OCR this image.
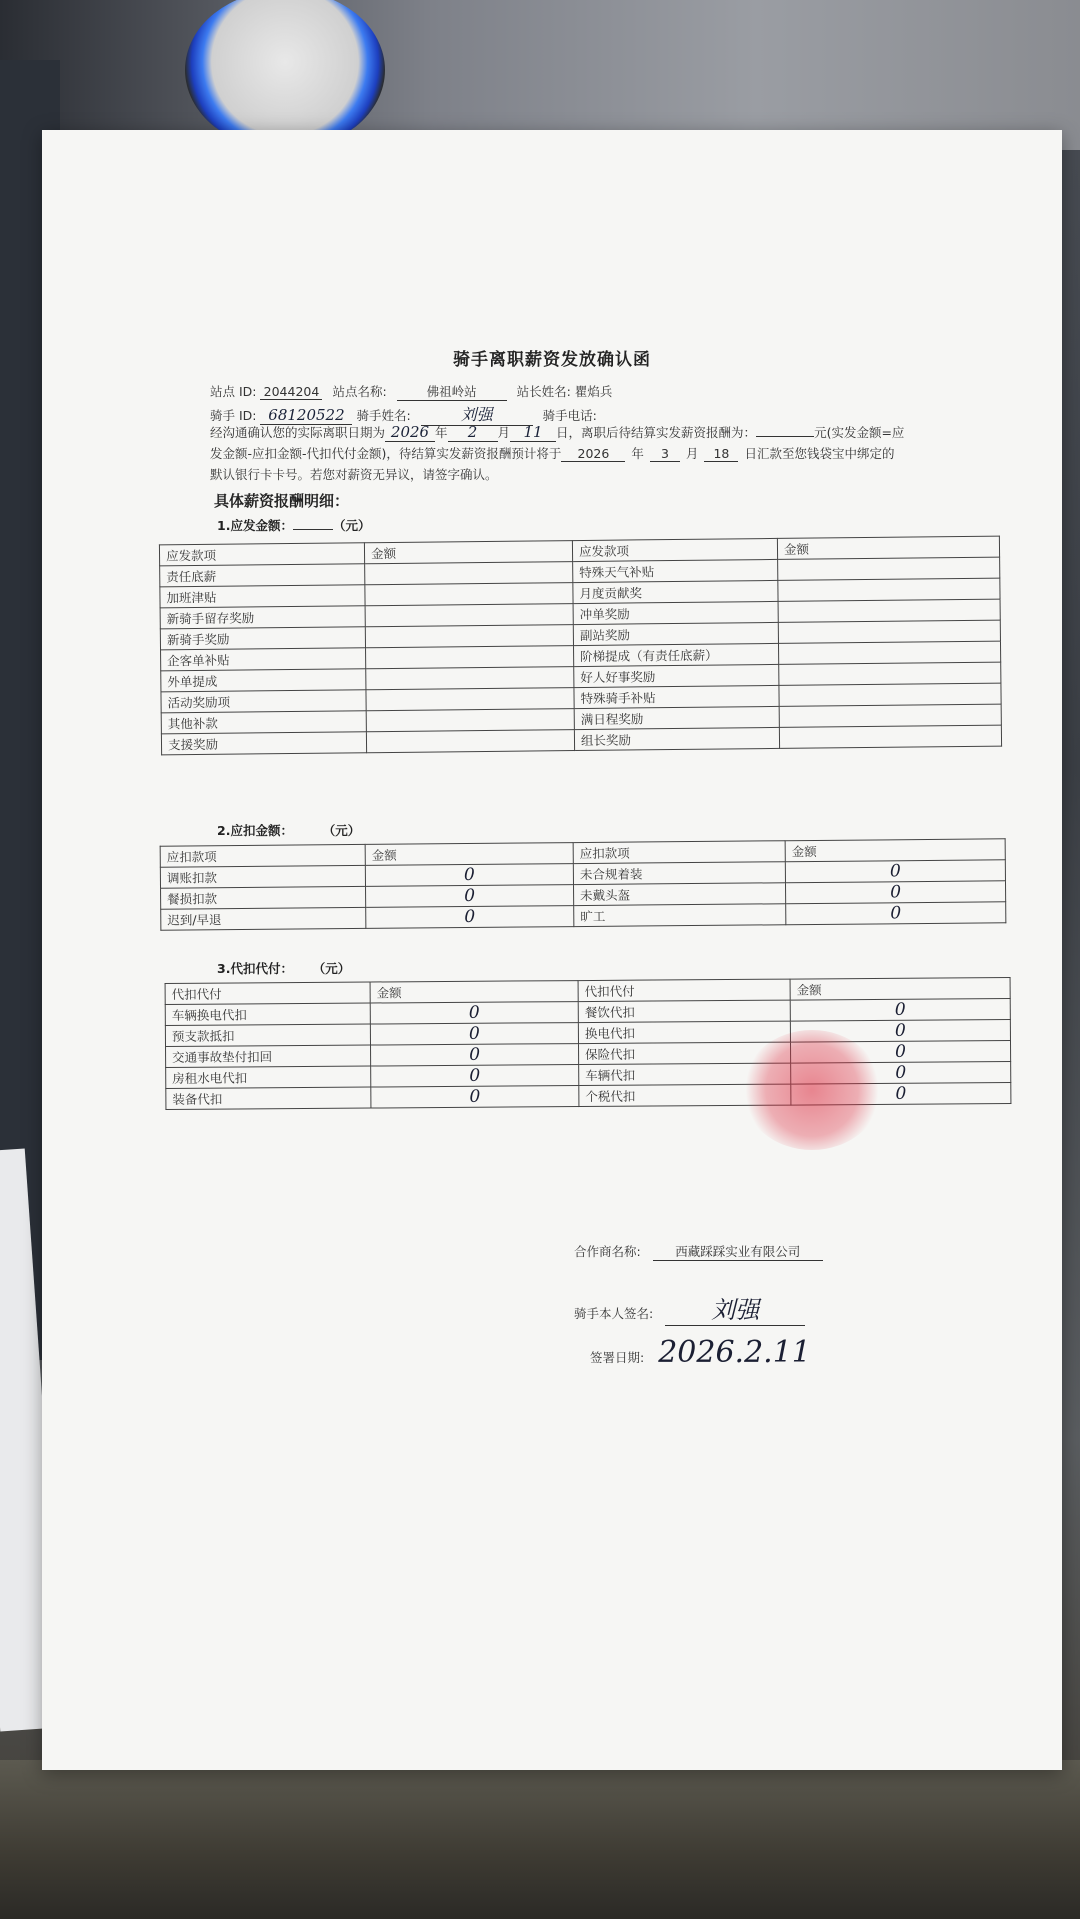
骑手离职薪资发放确认函
站点 ID: 2044204 站点名称:	佛祖岭站	站长姓名: 瞿焰兵
骑手 ID: 68120522 骑手姓名:	刘强	骑手电话:
经沟通确认您的实际离职日期为 2026 年 2 月 11 日，离职后待结算实发薪资报酬为：	元(实发金额=应
发金额-应扣金额-代扣代付金额)，待结算实发薪资报酬预计将于 2026 年 3 月 18 日汇款至您钱袋宝中绑定的
默认银行卡卡号。若您对薪资无异议，请签字确认。
具体薪资报酬明细：
1.应发金额：	（元）
应发款项	金额	应发款项	金额
责任底薪		特殊天气补贴	
加班津贴		月度贡献奖	
新骑手留存奖励		冲单奖励	
新骑手奖励		副站奖励	
企客单补贴		阶梯提成（有责任底薪）	
外单提成		好人好事奖励	
活动奖励项		特殊骑手补贴	
其他补款		满日程奖励	
支援奖励		组长奖励	
2.应扣金额：	（元）
应扣款项	金额	应扣款项	金额
调账扣款	0	未合规着装	0
餐损扣款	0	未戴头盔	0
迟到/早退	0	旷工	0
3.代扣代付： （元）
代扣代付	金额	代扣代付	金额
车辆换电代扣	0	餐饮代扣	0
预支款抵扣	0	换电代扣	0
交通事故垫付扣回	0	保险代扣	0
房租水电代扣	0	车辆代扣	0
装备代扣	0	个税代扣	0
合作商名称:	西藏踩踩实业有限公司
骑手本人签名: 刘强
签署日期: 2026.2.11
